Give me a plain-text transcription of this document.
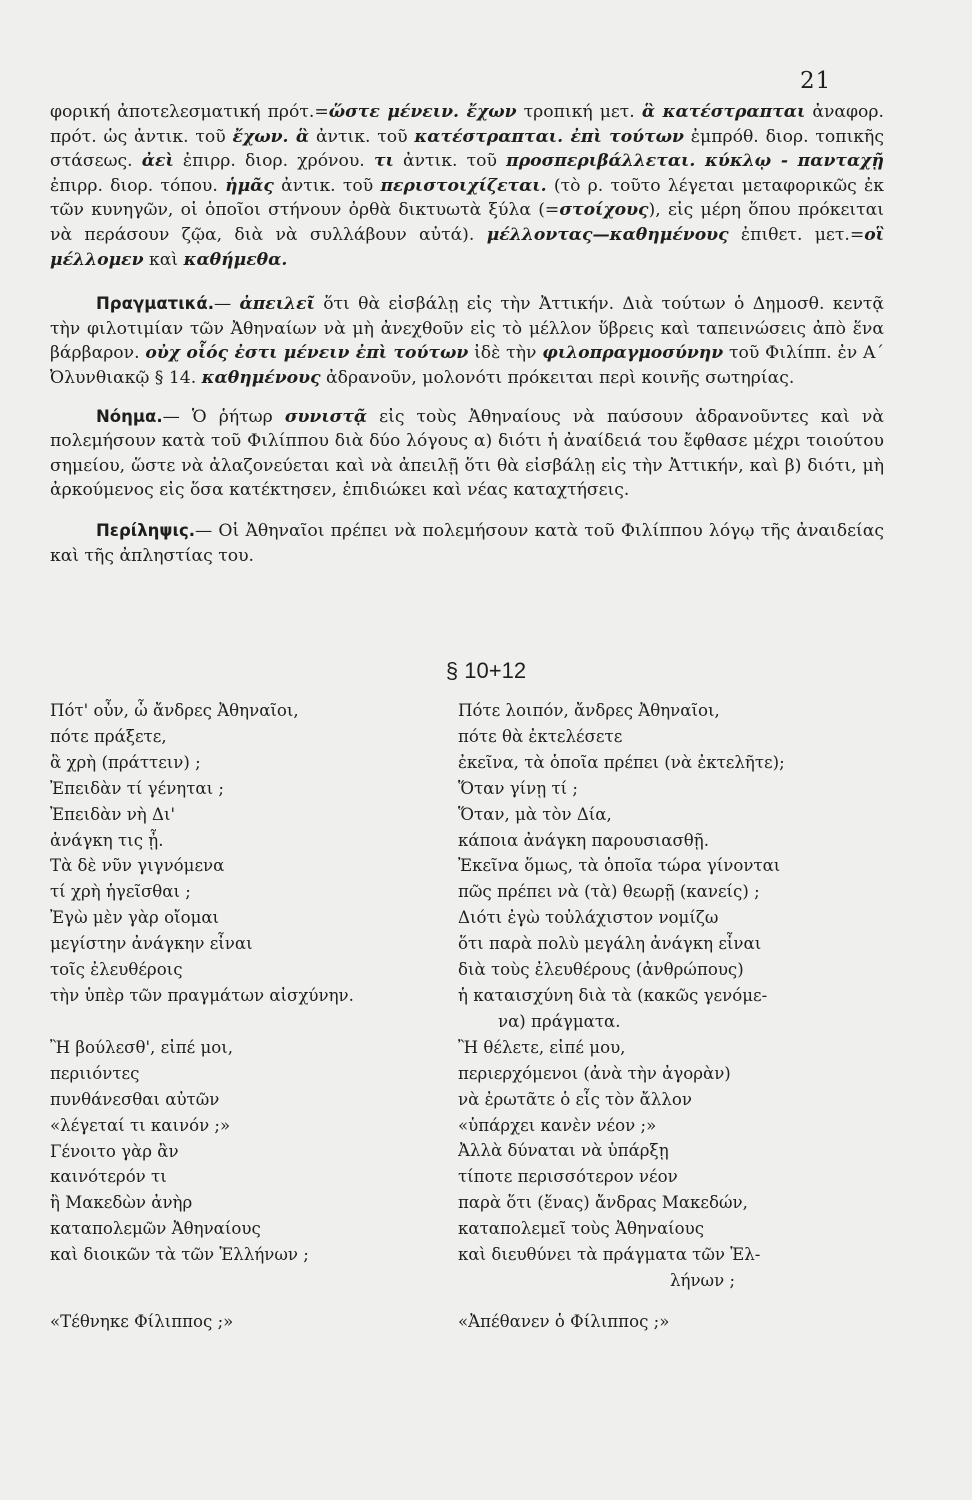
21

φορική ἀποτελεσματική πρότ.=ὥστε μένειν. ἔχων τροπική μετ. ἃ κατέστραπται ἀναφορ. πρότ. ὡς ἀντικ. τοῦ ἔχων. ἃ ἀντικ. τοῦ κατέστραπται. ἐπὶ τούτων ἐμπρόθ. διορ. τοπικῆς στάσεως. ἀεὶ ἐπιρρ. διορ. χρόνου. τι ἀντικ. τοῦ προσπεριβάλλεται. κύκλῳ - πανταχῇ ἐπιρρ. διορ. τόπου. ἡμᾶς ἀντικ. τοῦ περιστοιχίζεται. (τὸ ρ. τοῦτο λέγεται μεταφορικῶς ἐκ τῶν κυνηγῶν, οἱ ὁποῖοι στήνουν ὀρθὰ δικτυωτὰ ξύλα (=στοίχους), εἰς μέρη ὅπου πρόκειται νὰ περάσουν ζῷα, διὰ νὰ συλλάβουν αὐτά). μέλλοντας—καθημένους ἐπιθετ. μετ.=οἳ μέλλομεν καὶ καθήμεθα.

Πραγματικά.— ἀπειλεῖ ὅτι θὰ εἰσβάλῃ εἰς τὴν Ἀττικήν. Διὰ τούτων ὁ Δημοσθ. κεντᾷ τὴν φιλοτιμίαν τῶν Ἀθηναίων νὰ μὴ ἀνεχθοῦν εἰς τὸ μέλλον ὕβρεις καὶ ταπεινώσεις ἀπὸ ἕνα βάρβαρον. οὐχ οἷός ἐστι μένειν ἐπὶ τούτων ἰδὲ τὴν φιλοπραγμοσύνην τοῦ Φιλίππ. ἐν Α΄ Ὀλυνθιακῷ § 14. καθημένους ἀδρανοῦν, μολονότι πρόκειται περὶ κοινῆς σωτηρίας.

Νόημα.— Ὁ ῥήτωρ συνιστᾷ εἰς τοὺς Ἀθηναίους νὰ παύσουν ἀδρανοῦντες καὶ νὰ πολεμήσουν κατὰ τοῦ Φιλίππου διὰ δύο λόγους α) διότι ἡ ἀναίδειά του ἔφθασε μέχρι τοιούτου σημείου, ὥστε νὰ ἀλαζονεύεται καὶ νὰ ἀπειλῇ ὅτι θὰ εἰσβάλῃ εἰς τὴν Ἀττικήν, καὶ β) διότι, μὴ ἀρκούμενος εἰς ὅσα κατέκτησεν, ἐπιδιώκει καὶ νέας καταχτήσεις.

Περίληψις.— Οἱ Ἀθηναῖοι πρέπει νὰ πολεμήσουν κατὰ τοῦ Φιλίππου λόγῳ τῆς ἀναιδείας καὶ τῆς ἀπληστίας του.

§ 10+12
Πότ' οὖν, ὦ ἄνδρες Ἀθηναῖοι,
πότε πράξετε,
ἃ χρὴ (πράττειν) ;
Ἐπειδὰν τί γένηται ;
Ἐπειδὰν νὴ Δι'
ἀνάγκη τις ᾖ.
Τὰ δὲ νῦν γιγνόμενα
τί χρὴ ἡγεῖσθαι ;
Ἐγὼ μὲν γὰρ οἴομαι
μεγίστην ἀνάγκην εἶναι
τοῖς ἐλευθέροις
τὴν ὑπὲρ τῶν πραγμάτων αἰσχύνην.
Ἢ βούλεσθ', εἰπέ μοι,
περιιόντες
πυνθάνεσθαι αὐτῶν
«λέγεταί τι καινόν ;»
Γένοιτο γὰρ ἂν
καινότερόν τι
ἢ Μακεδὼν ἀνὴρ
καταπολεμῶν Ἀθηναίους
καὶ διοικῶν τὰ τῶν Ἑλλήνων ;
«Τέθνηκε Φίλιππος ;»
Πότε λοιπόν, ἄνδρες Ἀθηναῖοι,
πότε θὰ ἐκτελέσετε
ἐκεῖνα, τὰ ὁποῖα πρέπει (νὰ ἐκτελῆτε);
Ὅταν γίνῃ τί ;
Ὅταν, μὰ τὸν Δία,
κάποια ἀνάγκη παρουσιασθῇ.
Ἐκεῖνα ὅμως, τὰ ὁποῖα τώρα γίνονται
πῶς πρέπει νὰ (τὰ) θεωρῇ (κανείς) ;
Διότι ἐγὼ τοὐλάχιστον νομίζω
ὅτι παρὰ πολὺ μεγάλη ἀνάγκη εἶναι
διὰ τοὺς ἐλευθέρους (ἀνθρώπους)
ἡ καταισχύνη διὰ τὰ (κακῶς γενόμε-
να) πράγματα.
Ἢ θέλετε, εἰπέ μου,
περιερχόμενοι (ἀνὰ τὴν ἀγορὰν)
νὰ ἐρωτᾶτε ὁ εἷς τὸν ἄλλον
«ὑπάρχει κανὲν νέον ;»
Ἀλλὰ δύναται νὰ ὑπάρξῃ
τίποτε περισσότερον νέον
παρὰ ὅτι (ἕνας) ἄνδρας Μακεδών,
καταπολεμεῖ τοὺς Ἀθηναίους
καὶ διευθύνει τὰ πράγματα τῶν Ἑλ-
λήνων ;
«Ἀπέθανεν ὁ Φίλιππος ;»
